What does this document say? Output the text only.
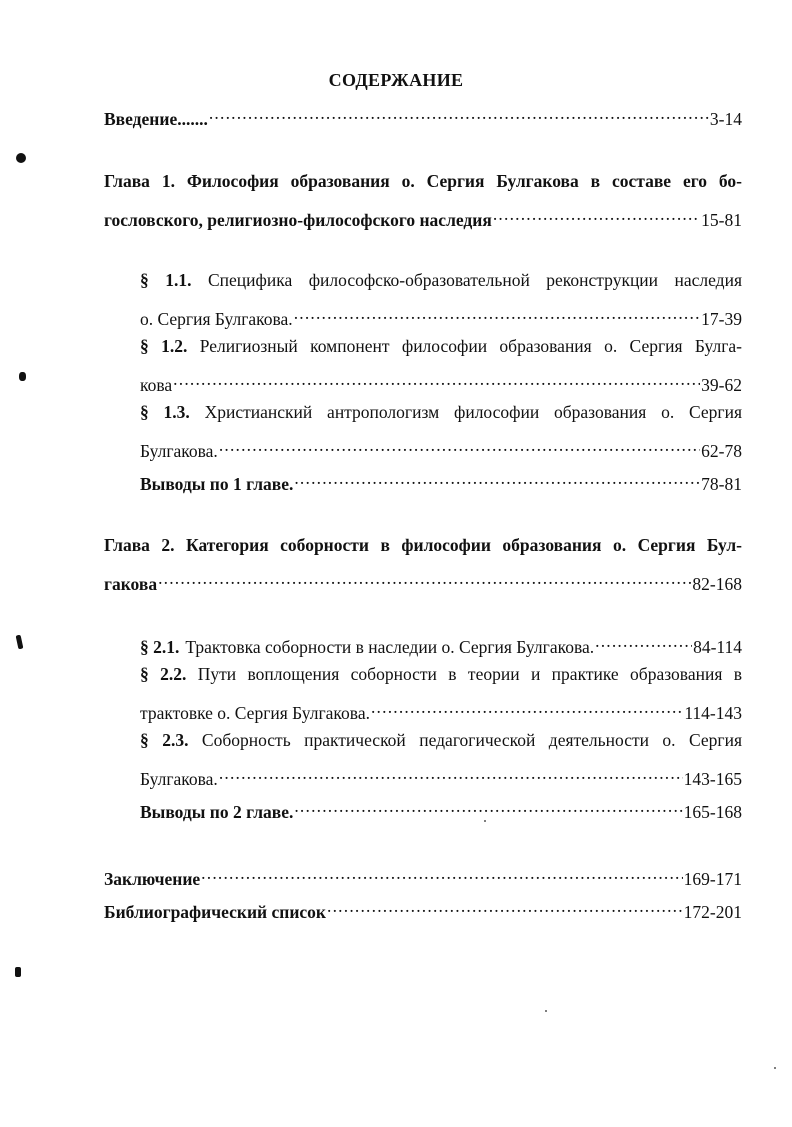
СОДЕРЖАНИЕ
Введение....... .....	3-14
Глава 1. Философия образования о. Сергия Булгакова в составе его бо-
гословского, религиозно-философского наследия .....	15-81
§ 1.1. Специфика философско-образовательной реконструкции наследия
о. Сергия Булгакова. .....	17-39
§ 1.2. Религиозный компонент философии образования о. Сергия Булга-
кова .....	39-62
§ 1.3. Христианский антропологизм философии образования о. Сергия
Булгакова. .....	62-78
Выводы по 1 главе. .....	78-81
Глава 2. Категория соборности в философии образования о. Сергия Бул-
гакова .....	82-168
§ 2.1. Трактовка соборности в наследии о. Сергия Булгакова. .....	84-114
§ 2.2. Пути воплощения соборности в теории и практике образования в
трактовке о. Сергия Булгакова. .....	114-143
§ 2.3. Соборность практической педагогической деятельности о. Сергия
Булгакова. .....	143-165
Выводы по 2 главе. .....	165-168
Заключение .....	169-171
Библиографический список .....	172-201
